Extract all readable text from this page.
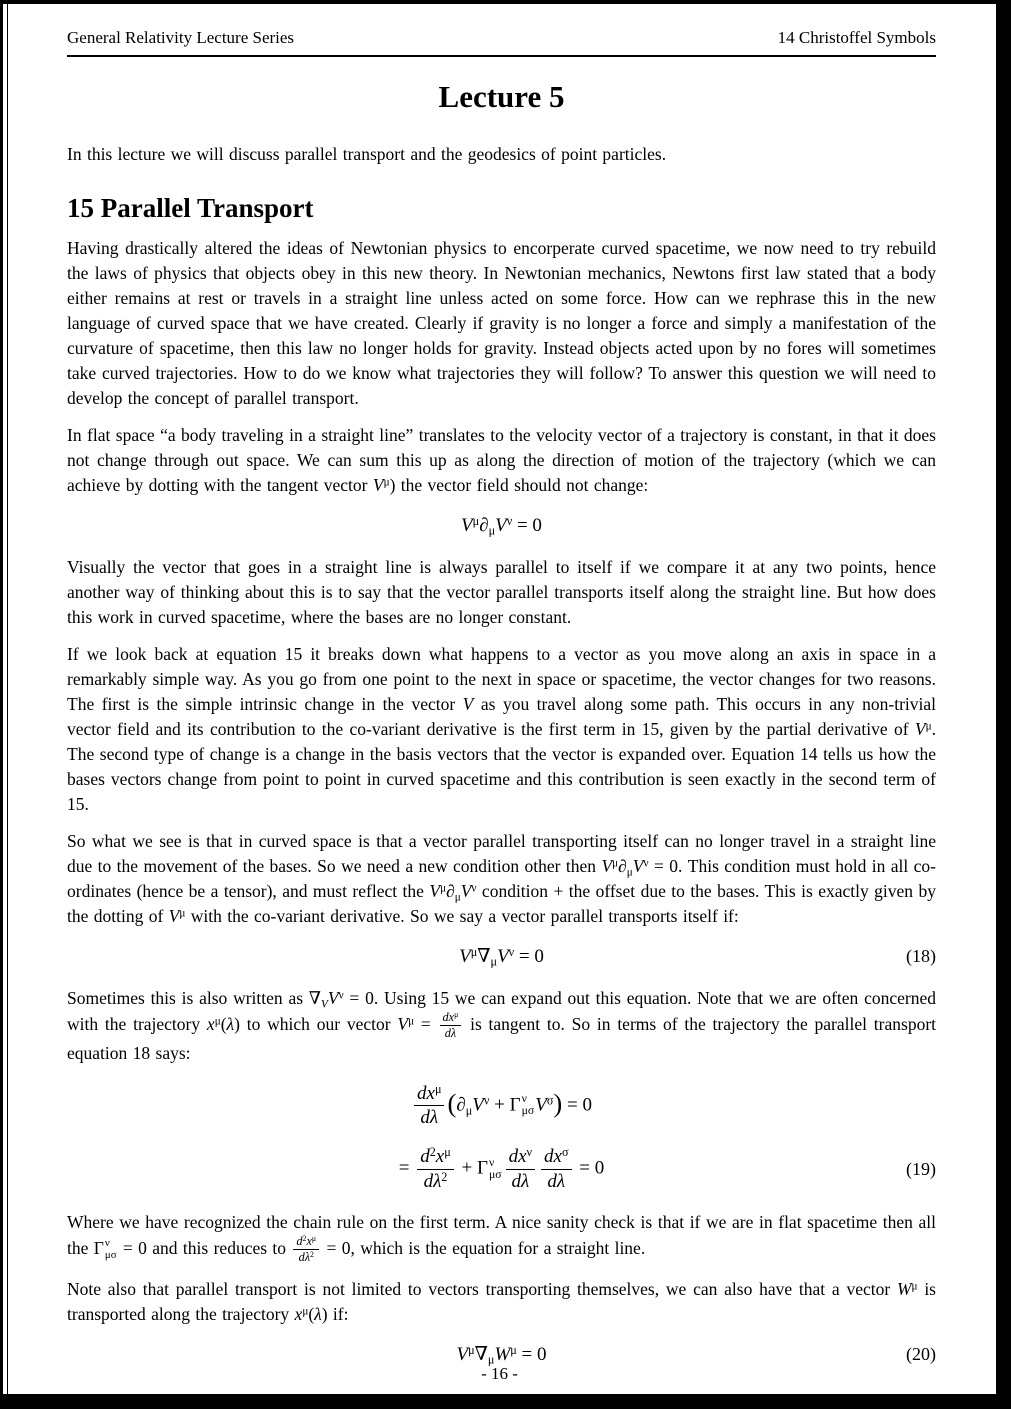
General Relativity Lecture Series	14 Christoffel Symbols
Lecture 5

In this lecture we will discuss parallel transport and the geodesics of point particles.

15 Parallel Transport

Having drastically altered the ideas of Newtonian physics to encorperate curved spacetime, we now need to try rebuild the laws of physics that objects obey in this new theory. In Newtonian mechanics, Newtons first law stated that a body either remains at rest or travels in a straight line unless acted on some force. How can we rephrase this in the new language of curved space that we have created. Clearly if gravity is no longer a force and simply a manifestation of the curvature of spacetime, then this law no longer holds for gravity. Instead objects acted upon by no fores will sometimes take curved trajectories. How to do we know what trajectories they will follow? To answer this question we will need to develop the concept of parallel transport.

In flat space “a body traveling in a straight line” translates to the velocity vector of a trajectory is constant, in that it does not change through out space. We can sum this up as along the direction of motion of the trajectory (which we can achieve by dotting with the tangent vector $V^\mu$) the vector field should not change:

$V^\mu\partial_\mu V^\nu = 0$

Visually the vector that goes in a straight line is always parallel to itself if we compare it at any two points, hence another way of thinking about this is to say that the vector parallel transports itself along the straight line. But how does this work in curved spacetime, where the bases are no longer constant.

If we look back at equation 15 it breaks down what happens to a vector as you move along an axis in space in a remarkably simple way. As you go from one point to the next in space or spacetime, the vector changes for two reasons. The first is the simple intrinsic change in the vector V as you travel along some path. This occurs in any non-trivial vector field and its contribution to the co-variant derivative is the first term in 15, given by the partial derivative of $V^\mu$. The second type of change is a change in the basis vectors that the vector is expanded over. Equation 14 tells us how the bases vectors change from point to point in curved spacetime and this contribution is seen exactly in the second term of 15.

So what we see is that in curved space is that a vector parallel transporting itself can no longer travel in a straight line due to the movement of the bases. So we need a new condition other then $V^\mu\partial_\mu V^\nu = 0$. This condition must hold in all co-ordinates (hence be a tensor), and must reflect the $V^\mu\partial_\mu V^\nu$ condition + the offset due to the bases. This is exactly given by the dotting of $V^\mu$ with the co-variant derivative. So we say a vector parallel transports itself if:

$V^\mu\nabla_\mu V^\nu = 0$	(18)

Sometimes this is also written as $\nabla_VV^\nu = 0$. Using 15 we can expand out this equation. Note that we are often concerned with the trajectory $x^\mu(\lambda)$ to which our vector $V^\mu = dx^\mu$
dλ is tangent to. So in terms of the trajectory the parallel transport equation 18 says:

$dx^\mu$
dλ
($\partial_\mu V^\nu + \Gamma$ ν
μσ $V^\sigma) = 0$
= $\frac{d^2x^\mu}{d\lambda^2} + \Gamma$ ν
μσ
$dx^\nu$
dλ
$dx^\sigma$
dλ
= 0	(19)

Where we have recognized the chain rule on the first term. A nice sanity check is that if we are in flat spacetime then all the Γ ν
μσ = 0 and this reduces to $\frac{d^2x^\mu}{d\lambda^2} = 0$, which is the equation for a straight line.

Note also that parallel transport is not limited to vectors transporting themselves, we can also have that a vector $W^\mu$ is transported along the trajectory $x^\mu(\lambda)$ if:

$V^\mu\nabla_\mu W^\mu = 0$	(20)
- 16 -
